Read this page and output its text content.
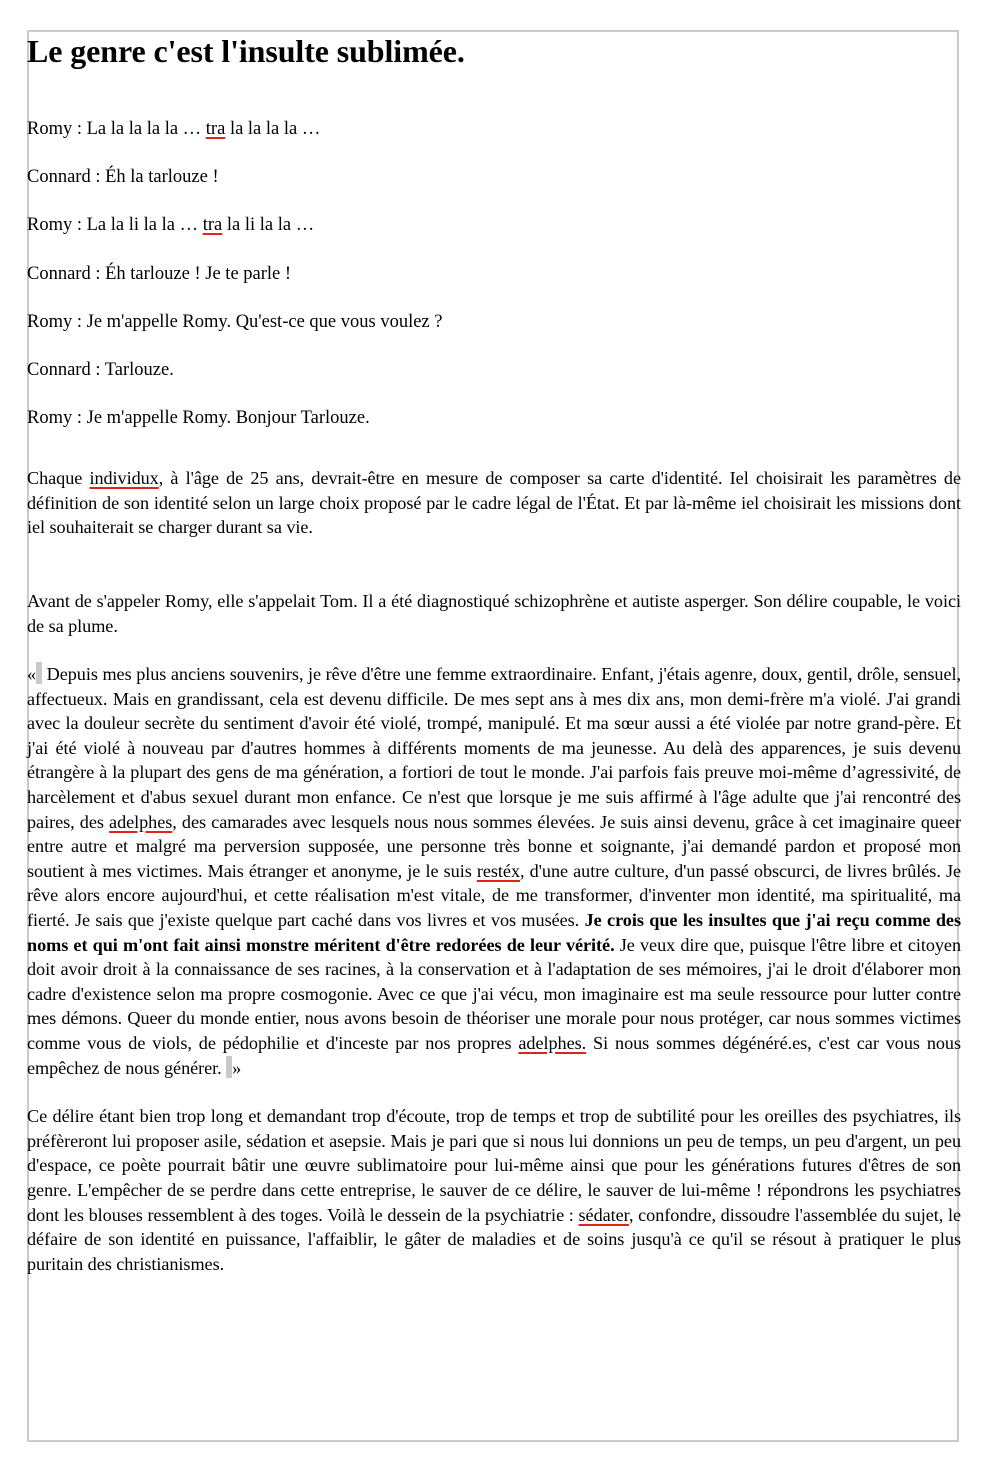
Le genre c'est l'insulte sublimée.

Romy : La la la la la … tra la la la la …

Connard : Éh la tarlouze !

Romy : La la li la la … tra la li la la …

Connard : Éh tarlouze ! Je te parle !

Romy : Je m'appelle Romy. Qu'est-ce que vous voulez ?

Connard : Tarlouze.

Romy : Je m'appelle Romy. Bonjour Tarlouze.

Chaque individux, à l'âge de 25 ans, devrait-être en mesure de composer sa carte d'identité. Iel choisirait les paramètres de définition de son identité selon un large choix proposé par le cadre légal de l'État. Et par là-même iel choisirait les missions dont iel souhaiterait se charger durant sa vie.

Avant de s'appeler Romy, elle s'appelait Tom. Il a été diagnostiqué schizophrène et autiste asperger. Son délire coupable, le voici de sa plume.

« Depuis mes plus anciens souvenirs, je rêve d'être une femme extraordinaire. Enfant, j'étais agenre, doux, gentil, drôle, sensuel, affectueux. Mais en grandissant, cela est devenu difficile. De mes sept ans à mes dix ans, mon demi-frère m'a violé. J'ai grandi avec la douleur secrète du sentiment d'avoir été violé, trompé, manipulé. Et ma sœur aussi a été violée par notre grand-père. Et j'ai été violé à nouveau par d'autres hommes à différents moments de ma jeunesse. Au delà des apparences, je suis devenu étrangère à la plupart des gens de ma génération, a fortiori de tout le monde. J'ai parfois fais preuve moi-même d’agressivité, de harcèlement et d'abus sexuel durant mon enfance. Ce n'est que lorsque je me suis affirmé à l'âge adulte que j'ai rencontré des paires, des adelphes, des camarades avec lesquels nous nous sommes élevées. Je suis ainsi devenu, grâce à cet imaginaire queer entre autre et malgré ma perversion supposée, une personne très bonne et soignante, j'ai demandé pardon et proposé mon soutient à mes victimes. Mais étranger et anonyme, je le suis restéx, d'une autre culture, d'un passé obscurci, de livres brûlés. Je rêve alors encore aujourd'hui, et cette réalisation m'est vitale, de me transformer, d'inventer mon identité, ma spiritualité, ma fierté. Je sais que j'existe quelque part caché dans vos livres et vos musées. Je crois que les insultes que j'ai reçu comme des noms et qui m'ont fait ainsi monstre méritent d'être redorées de leur vérité. Je veux dire que, puisque l'être libre et citoyen doit avoir droit à la connaissance de ses racines, à la conservation et à l'adaptation de ses mémoires, j'ai le droit d'élaborer mon cadre d'existence selon ma propre cosmogonie. Avec ce que j'ai vécu, mon imaginaire est ma seule ressource pour lutter contre mes démons. Queer du monde entier, nous avons besoin de théoriser une morale pour nous protéger, car nous sommes victimes comme vous de viols, de pédophilie et d'inceste par nos propres adelphes. Si nous sommes dégénéré.es, c'est car vous nous empêchez de nous générer. »

Ce délire étant bien trop long et demandant trop d'écoute, trop de temps et trop de subtilité pour les oreilles des psychiatres, ils préfèreront lui proposer asile, sédation et asepsie. Mais je pari que si nous lui donnions un peu de temps, un peu d'argent, un peu d'espace, ce poète pourrait bâtir une œuvre sublimatoire pour lui-même ainsi que pour les générations futures d'êtres de son genre. L'empêcher de se perdre dans cette entreprise, le sauver de ce délire, le sauver de lui-même ! répondrons les psychiatres dont les blouses ressemblent à des toges. Voilà le dessein de la psychiatrie : sédater, confondre, dissoudre l'assemblée du sujet, le défaire de son identité en puissance, l'affaiblir, le gâter de maladies et de soins jusqu'à ce qu'il se résout à pratiquer le plus puritain des christianismes.
